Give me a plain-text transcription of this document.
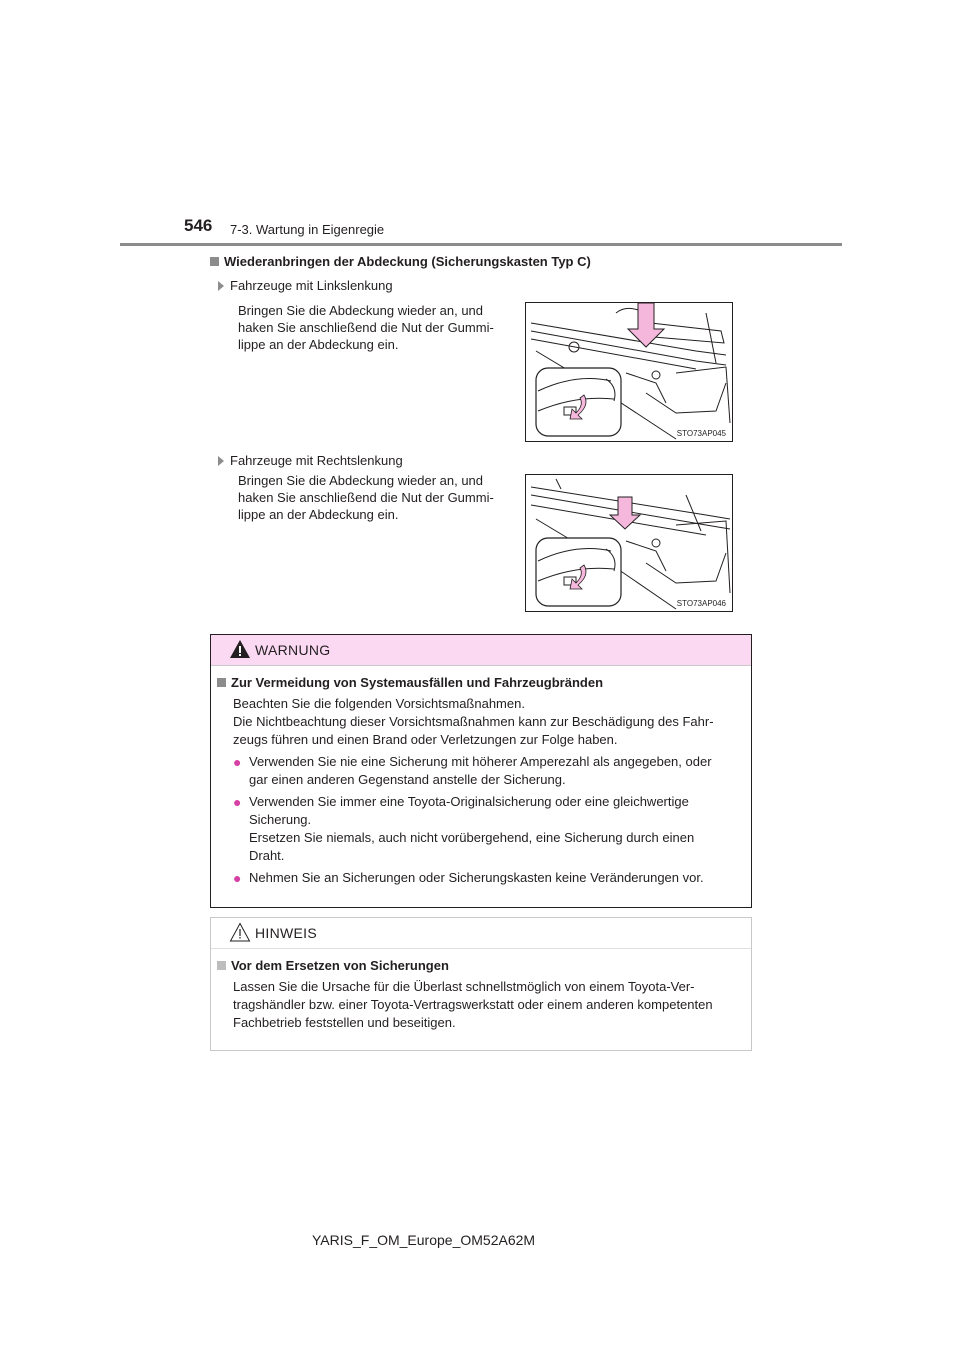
546 7-3. Wartung in Eigenregie
Wiederanbringen der Abdeckung (Sicherungskasten Typ C)
Fahrzeuge mit Linkslenkung
Bringen Sie die Abdeckung wieder an, und
haken Sie anschließend die Nut der Gummi-
lippe an der Abdeckung ein.
STO73AP045
Fahrzeuge mit Rechtslenkung
Bringen Sie die Abdeckung wieder an, und
haken Sie anschließend die Nut der Gummi-
lippe an der Abdeckung ein.
STO73AP046
WARNUNG
Zur Vermeidung von Systemausfällen und Fahrzeugbränden
Beachten Sie die folgenden Vorsichtsmaßnahmen.
Die Nichtbeachtung dieser Vorsichtsmaßnahmen kann zur Beschädigung des Fahr-
zeugs führen und einen Brand oder Verletzungen zur Folge haben.
● Verwenden Sie nie eine Sicherung mit höherer Amperezahl als angegeben, oder
gar einen anderen Gegenstand anstelle der Sicherung.
● Verwenden Sie immer eine Toyota-Originalsicherung oder eine gleichwertige
Sicherung.
Ersetzen Sie niemals, auch nicht vorübergehend, eine Sicherung durch einen
Draht.
● Nehmen Sie an Sicherungen oder Sicherungskasten keine Veränderungen vor.
HINWEIS
Vor dem Ersetzen von Sicherungen
Lassen Sie die Ursache für die Überlast schnellstmöglich von einem Toyota-Ver-
tragshändler bzw. einer Toyota-Vertragswerkstatt oder einem anderen kompetenten
Fachbetrieb feststellen und beseitigen.
YARIS_F_OM_Europe_OM52A62M
